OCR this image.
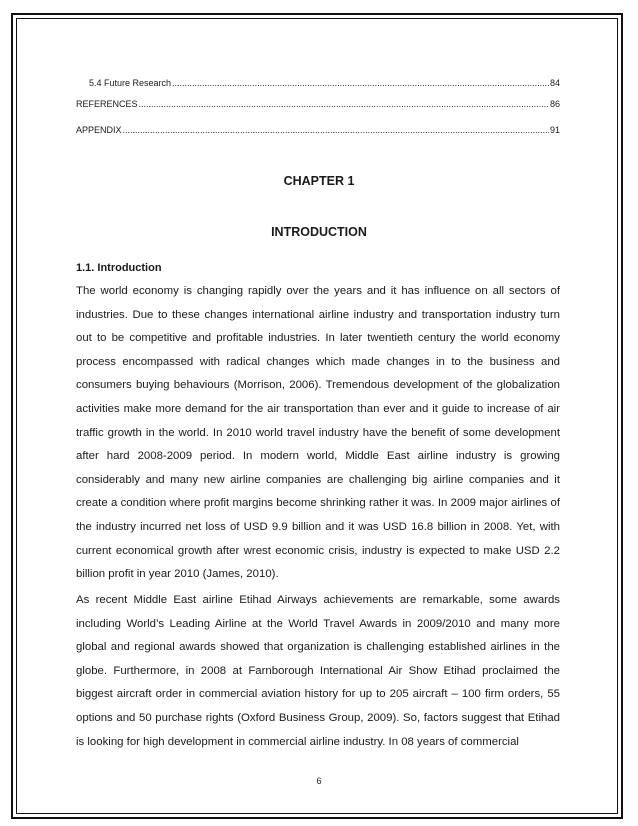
5.4 Future Research .....	84
REFERENCES .....	86
APPENDIX .....	91
CHAPTER 1
INTRODUCTION
1.1. Introduction

The world economy is changing rapidly over the years and it has influence on all sectors of industries. Due to these changes international airline industry and transportation industry turn out to be competitive and profitable industries. In later twentieth century the world economy process encompassed with radical changes which made changes in to the business and consumers buying behaviours (Morrison, 2006). Tremendous development of the globalization activities make more demand for the air transportation than ever and it guide to increase of air traffic growth in the world. In 2010 world travel industry have the benefit of some development after hard 2008-2009 period. In modern world, Middle East airline industry is growing considerably and many new airline companies are challenging big airline companies and it create a condition where profit margins become shrinking rather it was. In 2009 major airlines of the industry incurred net loss of USD 9.9 billion and it was USD 16.8 billion in 2008. Yet, with current economical growth after wrest economic crisis, industry is expected to make USD 2.2 billion profit in year 2010 (James, 2010).

As recent Middle East airline Etihad Airways achievements are remarkable, some awards including World’s Leading Airline at the World Travel Awards in 2009/2010 and many more global and regional awards showed that organization is challenging established airlines in the globe. Furthermore, in 2008 at Farnborough International Air Show Etihad proclaimed the biggest aircraft order in commercial aviation history for up to 205 aircraft – 100 firm orders, 55 options and 50 purchase rights (Oxford Business Group, 2009). So, factors suggest that Etihad is looking for high development in commercial airline industry. In 08 years of commercial

6
